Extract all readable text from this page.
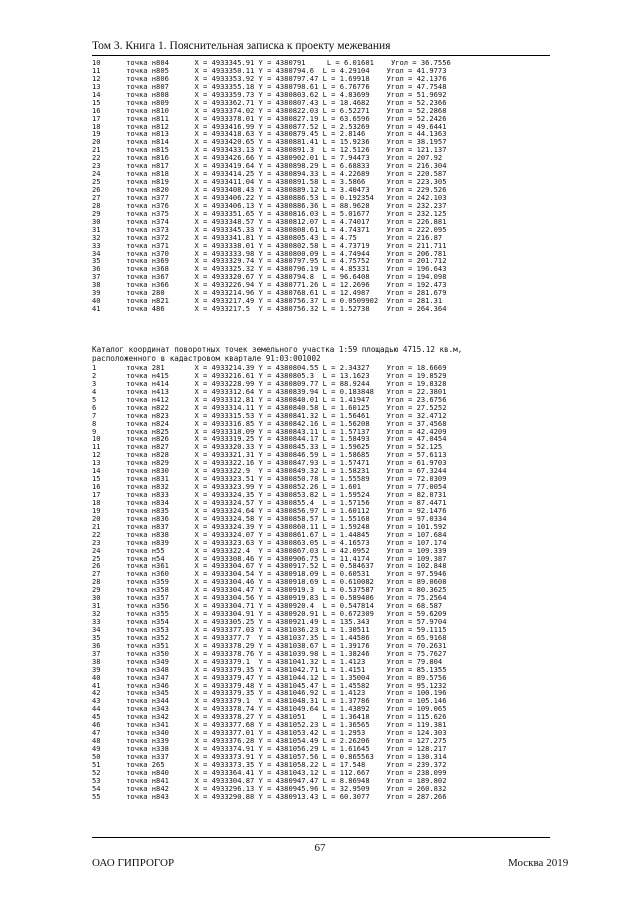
Том 3. Книга 1. Пояснительная записка к проекту межевания
10      точка н804      X = 4933345.91 Y = 4380791     L = 6.01601    Угол = 36.7556
11      точка н805      X = 4933350.11 Y = 4380794.6  L = 4.29104    Угол = 41.9773
12      точка н806      X = 4933353.92 Y = 4380797.47 L = 1.69918    Угол = 42.1376
13      точка н807      X = 4933355.18 Y = 4380798.61 L = 6.76776    Угол = 47.7548
14      точка н808      X = 4933359.73 Y = 4380803.62 L = 4.83699    Угол = 51.9692
15      точка н809      X = 4933362.71 Y = 4380807.43 L = 18.4682    Угол = 52.2366
16      точка н810      X = 4933374.02 Y = 4380822.03 L = 6.52271    Угол = 52.2868
17      точка н811      X = 4933378.01 Y = 4380827.19 L = 63.6596    Угол = 52.2426
18      точка н812      X = 4933416.99 Y = 4380877.52 L = 2.53269    Угол = 49.6441
19      точка н813      X = 4933418.63 Y = 4380879.45 L = 2.8146     Угол = 44.1363
20      точка н814      X = 4933420.65 Y = 4380881.41 L = 15.9236    Угол = 38.1957
21      точка н815      X = 4933433.13 Y = 4380891.3  L = 12.5126    Угол = 121.137
22      точка н816      X = 4933426.66 Y = 4380902.01 L = 7.94473    Угол = 207.92
23      точка н817      X = 4933419.64 Y = 4380898.29 L = 6.68833    Угол = 216.304
24      точка н818      X = 4933414.25 Y = 4380894.33 L = 4.22689    Угол = 220.587
25      точка н819      X = 4933411.04 Y = 4380891.58 L = 3.5866     Угол = 223.305
26      точка н820      X = 4933408.43 Y = 4380889.12 L = 3.40473    Угол = 229.526
27      точка н377      X = 4933406.22 Y = 4380886.53 L = 0.192354   Угол = 242.103
28      точка н376      X = 4933406.13 Y = 4380886.36 L = 88.9628    Угол = 232.237
29      точка н375      X = 4933351.65 Y = 4380816.03 L = 5.01677    Угол = 232.125
30      точка н374      X = 4933348.57 Y = 4380812.07 L = 4.74017    Угол = 226.881
31      точка н373      X = 4933345.33 Y = 4380808.61 L = 4.74371    Угол = 222.095
32      точка н372      X = 4933341.81 Y = 4380805.43 L = 4.75       Угол = 216.87
33      точка н371      X = 4933338.01 Y = 4380802.58 L = 4.73719    Угол = 211.711
34      точка н370      X = 4933333.98 Y = 4380800.09 L = 4.74944    Угол = 206.781
35      точка н369      X = 4933329.74 Y = 4380797.95 L = 4.75752    Угол = 201.712
36      точка н368      X = 4933325.32 Y = 4380796.19 L = 4.85331    Угол = 196.643
37      точка н367      X = 4933320.67 Y = 4380794.8  L = 96.6408    Угол = 194.098
38      точка н366      X = 4933226.94 Y = 4380771.26 L = 12.2696    Угол = 192.473
39      точка 280       X = 4933214.96 Y = 4380768.61 L = 12.4987    Угол = 281.679
40      точка н821      X = 4933217.49 Y = 4380756.37 L = 0.0509902  Угол = 281.31
41      точка 486       X = 4933217.5  Y = 4380756.32 L = 1.52738    Угол = 264.364
Каталог координат поворотных точек земельного участка 1:59 площадью 4715.12 кв.м,
расположенного в кадастровом квартале 91:03:001002
1       точка 281       X = 4933214.39 Y = 4380804.55 L = 2.34327    Угол = 18.6669
2       точка н415      X = 4933216.61 Y = 4380805.3  L = 13.1623    Угол = 19.8529
3       точка н414      X = 4933228.99 Y = 4380809.77 L = 88.9244    Угол = 19.8328
4       точка н413      X = 4933312.64 Y = 4380839.94 L = 0.183848   Угол = 22.3801
5       точка н412      X = 4933312.81 Y = 4380840.01 L = 1.41947    Угол = 23.6756
6       точка н822      X = 4933314.11 Y = 4380840.58 L = 1.60125    Угол = 27.5252
7       точка н823      X = 4933315.53 Y = 4380841.32 L = 1.56461    Угол = 32.4712
8       точка н824      X = 4933316.85 Y = 4380842.16 L = 1.56208    Угол = 37.4568
9       точка н825      X = 4933318.09 Y = 4380843.11 L = 1.57137    Угол = 42.4209
10      точка н826      X = 4933319.25 Y = 4380844.17 L = 1.58493    Угол = 47.0454
11      точка н827      X = 4933320.33 Y = 4380845.33 L = 1.59625    Угол = 52.125
12      точка н828      X = 4933321.31 Y = 4380846.59 L = 1.58685    Угол = 57.6113
13      точка н829      X = 4933322.16 Y = 4380847.93 L = 1.57471    Угол = 61.9703
14      точка н830      X = 4933322.9  Y = 4380849.32 L = 1.58231    Угол = 67.3244
15      точка н831      X = 4933323.51 Y = 4380850.78 L = 1.55589    Угол = 72.0309
16      точка н832      X = 4933323.99 Y = 4380852.26 L = 1.601      Угол = 77.0054
17      точка н833      X = 4933324.35 Y = 4380853.82 L = 1.59524    Угол = 82.0731
18      точка н834      X = 4933324.57 Y = 4380855.4  L = 1.57156    Угол = 87.4471
19      точка н835      X = 4933324.64 Y = 4380856.97 L = 1.60112    Угол = 92.1476
20      точка н836      X = 4933324.58 Y = 4380858.57 L = 1.55168    Угол = 97.0334
21      точка н837      X = 4933324.39 Y = 4380860.11 L = 1.59248    Угол = 101.592
22      точка н838      X = 4933324.07 Y = 4380861.67 L = 1.44845    Угол = 107.684
23      точка н839      X = 4933323.63 Y = 4380863.05 L = 4.16573    Угол = 107.174
24      точка н55       X = 4933322.4  Y = 4380867.03 L = 42.0952    Угол = 109.339
25      точка н54       X = 4933308.46 Y = 4380906.75 L = 11.4174    Угол = 109.387
26      точка н361      X = 4933304.67 Y = 4380917.52 L = 0.584637   Угол = 102.848
27      точка н360      X = 4933304.54 Y = 4380918.09 L = 0.60531    Угол = 97.5946
28      точка н359      X = 4933304.46 Y = 4380918.69 L = 0.610082   Угол = 89.0608
29      точка н358      X = 4933304.47 Y = 4380919.3  L = 0.537587   Угол = 80.3625
30      точка н357      X = 4933304.56 Y = 4380919.83 L = 0.589406   Угол = 75.2564
31      точка н356      X = 4933304.71 Y = 4380920.4  L = 0.547814   Угол = 68.587
32      точка н355      X = 4933304.91 Y = 4380920.91 L = 0.672309   Угол = 59.6209
33      точка н354      X = 4933305.25 Y = 4380921.49 L = 135.343    Угол = 57.9704
34      точка н353      X = 4933377.03 Y = 4381036.23 L = 1.30511    Угол = 59.1115
35      точка н352      X = 4933377.7  Y = 4381037.35 L = 1.44586    Угол = 65.9168
36      точка н351      X = 4933378.29 Y = 4381038.67 L = 1.39176    Угол = 70.2631
37      точка н350      X = 4933378.76 Y = 4381039.98 L = 1.38246    Угол = 75.7627
38      точка н349      X = 4933379.1  Y = 4381041.32 L = 1.4123     Угол = 79.804
39      точка н348      X = 4933379.35 Y = 4381042.71 L = 1.4151     Угол = 85.1355
40      точка н347      X = 4933379.47 Y = 4381044.12 L = 1.35004    Угол = 89.5756
41      точка н346      X = 4933379.48 Y = 4381045.47 L = 1.45582    Угол = 95.1232
42      точка н345      X = 4933379.35 Y = 4381046.92 L = 1.4123     Угол = 100.196
43      точка н344      X = 4933379.1  Y = 4381048.31 L = 1.37786    Угол = 105.146
44      точка н343      X = 4933378.74 Y = 4381049.64 L = 1.43892    Угол = 109.065
45      точка н342      X = 4933378.27 Y = 4381051    L = 1.36418    Угол = 115.626
46      точка н341      X = 4933377.68 Y = 4381052.23 L = 1.36565    Угол = 119.381
47      точка н340      X = 4933377.01 Y = 4381053.42 L = 1.2953     Угол = 124.303
48      точка н339      X = 4933376.28 Y = 4381054.49 L = 2.26206    Угол = 127.275
49      точка н338      X = 4933374.91 Y = 4381056.29 L = 1.61645    Угол = 128.217
50      точка н337      X = 4933373.91 Y = 4381057.56 L = 0.865563   Угол = 130.314
51      точка 265       X = 4933373.35 Y = 4381058.22 L = 17.548     Угол = 239.372
52      точка н840      X = 4933364.41 Y = 4381043.12 L = 112.667    Угол = 238.099
53      точка н841      X = 4933304.87 Y = 4380947.47 L = 8.86948    Угол = 189.802
54      точка н842      X = 4933296.13 Y = 4380945.96 L = 32.9509    Угол = 260.832
55      точка н843      X = 4933290.88 Y = 4380913.43 L = 60.3077    Угол = 287.266
67
ОАО ГИПРОГОР	Москва 2019
